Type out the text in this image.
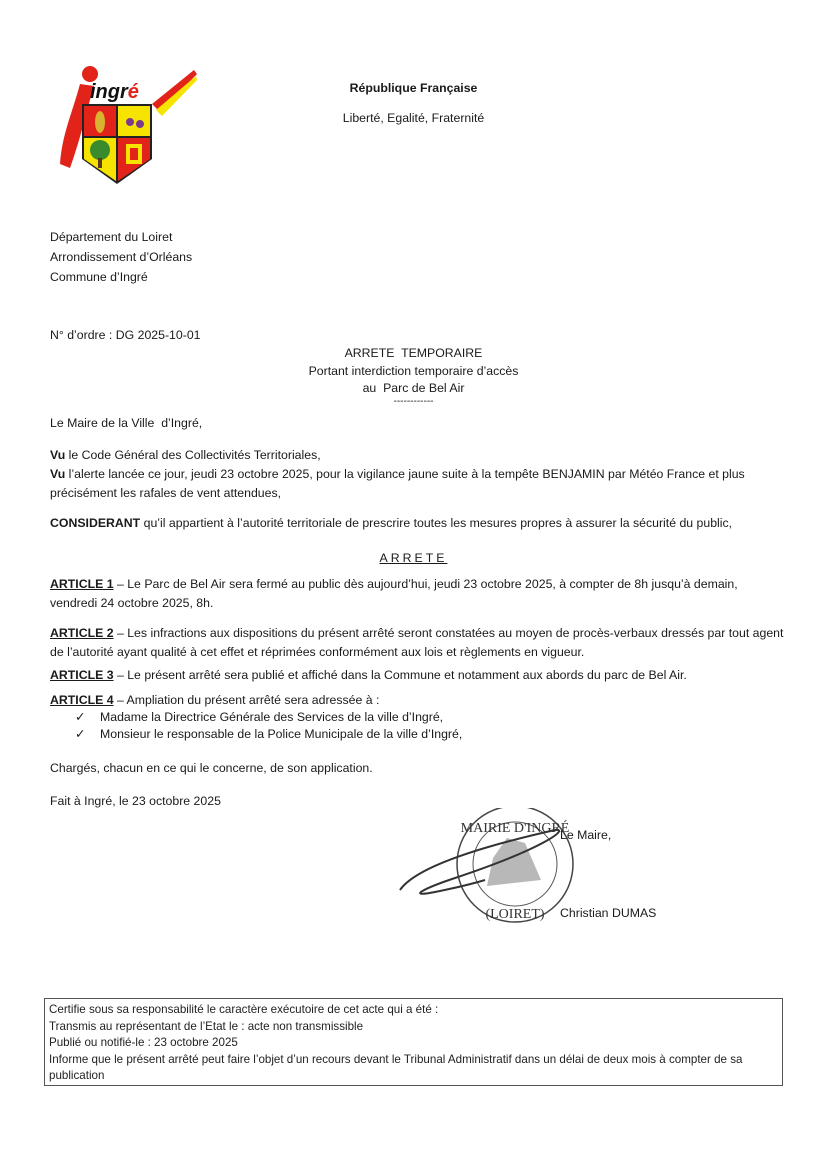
ingré	République Française
Liberté, Egalité, Fraternité
Département du Loiret
Arrondissement d’Orléans
Commune d’Ingré
N° d’ordre : DG 2025-10-01
ARRETE  TEMPORAIRE
Portant interdiction temporaire d’accès
au  Parc de Bel Air
------------
Le Maire de la Ville  d’Ingré,
Vu le Code Général des Collectivités Territoriales,
Vu l’alerte lancée ce jour, jeudi 23 octobre 2025, pour la vigilance jaune suite à la tempête BENJAMIN par Météo France et plus précisément les rafales de vent attendues,
CONSIDERANT qu’il appartient à l’autorité territoriale de prescrire toutes les mesures propres à assurer la sécurité du public,
ARRETE
ARTICLE 1 – Le Parc de Bel Air sera fermé au public dès aujourd’hui, jeudi 23 octobre 2025, à compter de 8h jusqu’à demain, vendredi 24 octobre 2025, 8h.
ARTICLE 2 – Les infractions aux dispositions du présent arrêté seront constatées au moyen de procès-verbaux dressés par tout agent de l’autorité ayant qualité à cet effet et réprimées conformément aux lois et règlements en vigueur.
ARTICLE 3 – Le présent arrêté sera publié et affiché dans la Commune et notamment aux abords du parc de Bel Air.
ARTICLE 4 – Ampliation du présent arrêté sera adressée à :
✓ Madame la Directrice Générale des Services de la ville d’Ingré,
✓ Monsieur le responsable de la Police Municipale de la ville d’Ingré,
Chargés, chacun en ce qui le concerne, de son application.
Fait à Ingré, le 23 octobre 2025
MAIRIE D'INGRÉ
(LOIRET)
Le Maire,
Christian DUMAS
Certifie sous sa responsabilité le caractère exécutoire de cet acte qui a été :
Transmis au représentant de l’Etat le : acte non transmissible
Publié ou notifié-le : 23 octobre 2025
Informe que le présent arrêté peut faire l’objet d’un recours devant le Tribunal Administratif dans un délai de deux mois à compter de sa publication
